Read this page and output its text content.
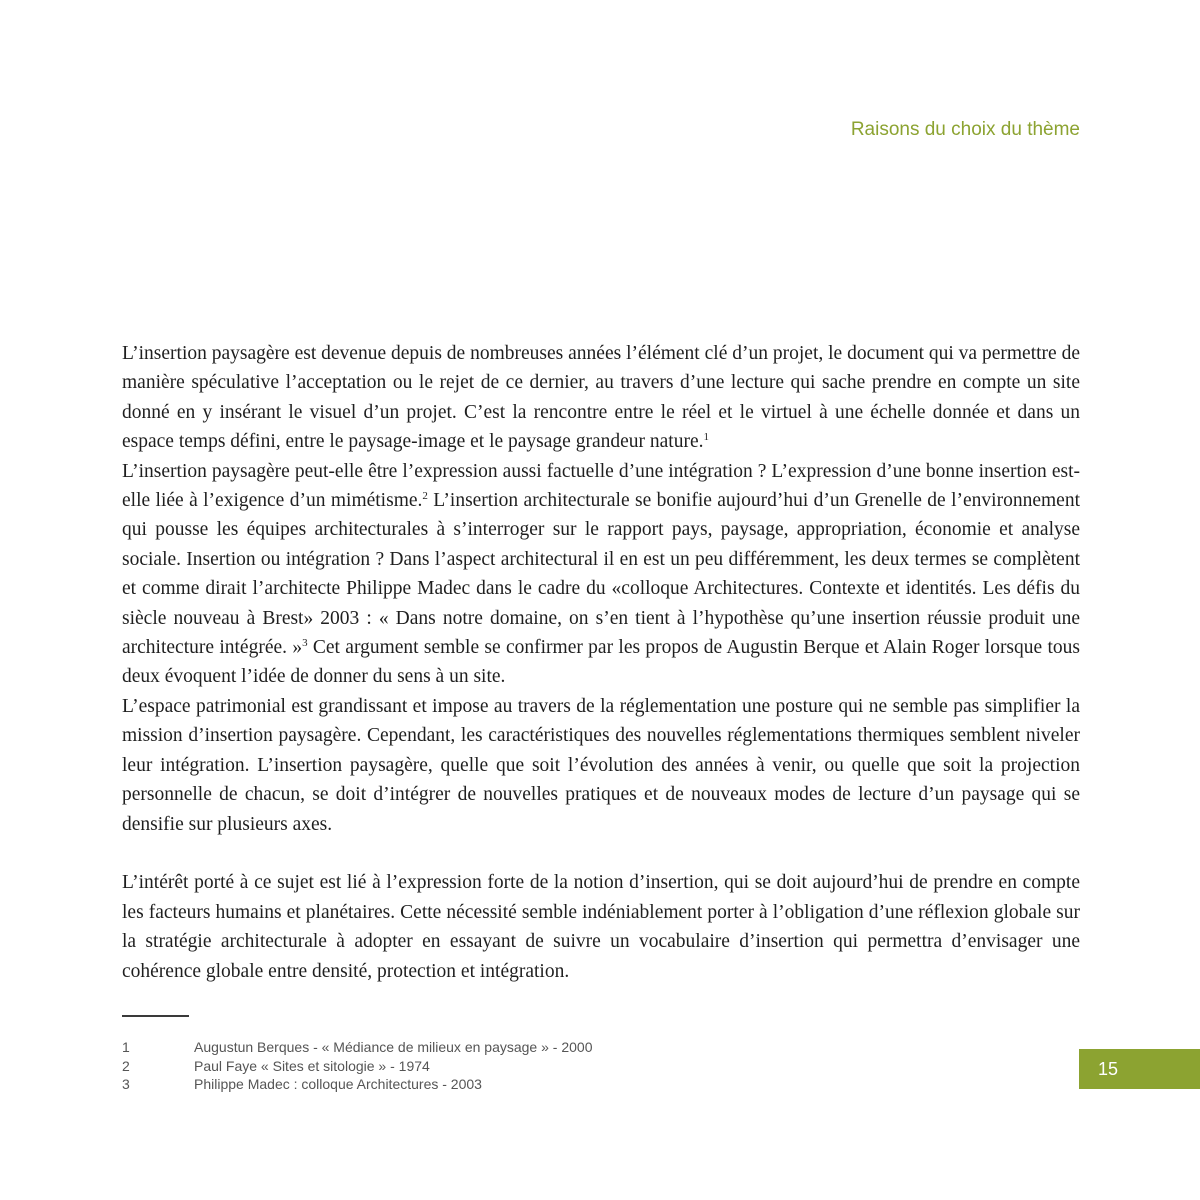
Raisons du choix du thème

L’insertion paysagère est devenue depuis de nombreuses années l’élément clé d’un projet, le document qui va permettre de manière spéculative l’acceptation ou le rejet de ce dernier, au travers d’une lecture qui sache prendre en compte un site donné en y insérant le visuel d’un projet. C’est la rencontre entre le réel et le virtuel à une échelle donnée et dans un espace temps défini, entre le paysage-image et le paysage grandeur nature.$^1$
L’insertion paysagère peut-elle être l’expression aussi factuelle d’une intégration ? L’expression d’une bonne insertion est-elle liée à l’exigence d’un mimétisme.$^2$ L’insertion architecturale se bonifie aujourd’hui d’un Grenelle de l’environnement qui pousse les équipes architecturales à s’interroger sur le rapport pays, paysage, appropriation, économie et analyse sociale. Insertion ou intégration ? Dans l’aspect architectural il en est un peu différemment, les deux termes se complètent et comme dirait l’architecte Philippe Madec dans le cadre du «colloque Architectures. Contexte et identités. Les défis du siècle nouveau à Brest» 2003 : « Dans notre domaine, on s’en tient à l’hypothèse qu’une insertion réussie produit une architecture intégrée. »$^3$ Cet argument semble se confirmer par les propos de Augustin Berque et Alain Roger lorsque tous deux évoquent l’idée de donner du sens à un site.

L’espace patrimonial est grandissant et impose au travers de la réglementation une posture qui ne semble pas simplifier la mission d’insertion paysagère. Cependant, les caractéristiques des nouvelles réglementations thermiques semblent niveler leur intégration. L’insertion paysagère, quelle que soit l’évolution des années à venir, ou quelle que soit la projection personnelle de chacun, se doit d’intégrer de nouvelles pratiques et de nouveaux modes de lecture d’un paysage qui se densifie sur plusieurs axes.

L’intérêt porté à ce sujet est lié à l’expression forte de la notion d’insertion, qui se doit aujourd’hui de prendre en compte les facteurs humains et planétaires. Cette nécessité semble indéniablement porter à l’obligation d’une réflexion globale sur la stratégie architecturale à adopter en essayant de suivre un vocabulaire d’insertion qui permettra d’envisager une cohérence globale entre densité, protection et intégration.

1	Augustun Berques - « Médiance de milieux en paysage » - 2000
2	Paul Faye « Sites et sitologie » - 1974
3	Philippe Madec : colloque Architectures - 2003
15
